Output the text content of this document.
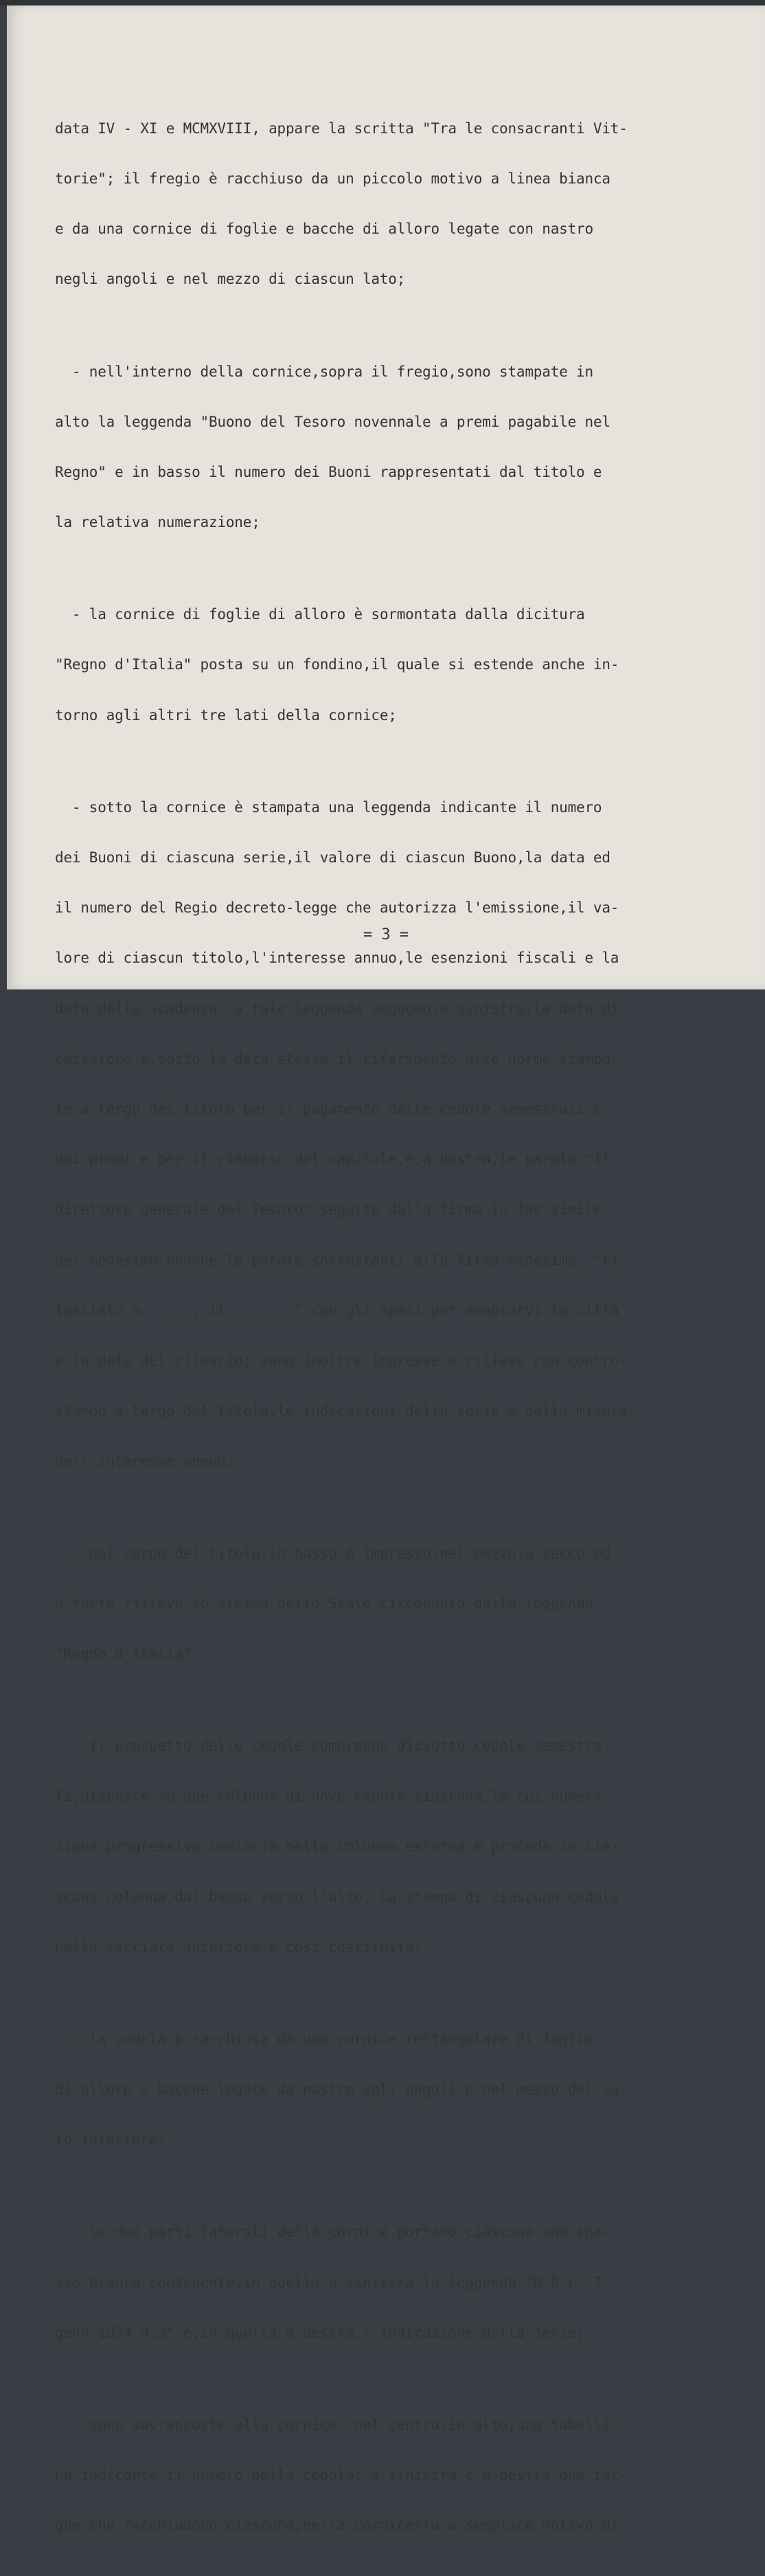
data IV - XI e MCMXVIII, appare la scritta "Tra le consacranti Vit-

torie"; il fregio è racchiuso da un piccolo motivo a linea bianca

e da una cornice di foglie e bacche di alloro legate con nastro

negli angoli e nel mezzo di ciascun lato;

- nell'interno della cornice,sopra il fregio,sono stampate in

alto la leggenda "Buono del Tesoro novennale a premi pagabile nel

Regno" e in basso il numero dei Buoni rappresentati dal titolo e

la relativa numerazione;

- la cornice di foglie di alloro è sormontata dalla dicitura

"Regno d'Italia" posta su un fondino,il quale si estende anche in-

torno agli altri tre lati della cornice;

- sotto la cornice è stampata una leggenda indicante il numero

dei Buoni di ciascuna serie,il valore di ciascun Buono,la data ed

il numero del Regio decreto-legge che autorizza l'emissione,il va-

lore di ciascun titolo,l'interesse annuo,le esenzioni fiscali e la

data della scadenza; a tale leggenda seguono,a sinistra,la data di

emissione e,sotto la data stessa,il riferimento alle norme stampa-

te a tergo del titolo per il pagamento delle cedole semestrali e

dei premi e per il rimborso del capitale,e,a destra,le parole "Il

direttore generale del Tesoro" seguite dalla firma in fac-simile

del medesimo,nonchè le parole,sottostanti alla firma medesima, "ri-

lasciato a .......il ......." con gli spazi per annotarvi la città

e la data del rilascio; sono inoltre impresse a rilievo con contro-

stampo a tergo del titolo,le indicazioni della serie e della misura

dell'interesse annuo;

- nel corpo del titolo,in basso,è impresso,nel mezzo,a secco ed

a forte rilievo,lo stemma dello Stato circondato dalla leggenda

"Regno d'Italia".

Il prospetto delle cedole comprende diciotto cedole semestra-

li,disposte su due colonne di nove cedole ciascuna,la cui numera-

zione progressiva comincia nella colonna esterna e procede,in cia-

scuna colonna,dal basso verso l'alto. La stampa di ciascuna cedola

nella facciata anteriore è così costituita:

- la cedola è racchiusa da una cornice rettangolare di foglie

di alloro e bacche legate da nastro agli angoli e nel mezzo del la-

to inferiore;

- le due parti laterali della cornice portano ciascuna uno spa-

zio bianco contenente,in quella a sinistra,la leggenda "R.D.L. 7

genn.1934 n.3" e,in quella a destra,l'indicazione della serie;

- sono sovrapposte alla cornice: nel centro,in alto,una tabelli-

na indicante il numero della cedola; a sinistra e a destra due tar-

ghe che racchiudono ciascuna,nella cornicetta a semplice motivo di

= 3 =
